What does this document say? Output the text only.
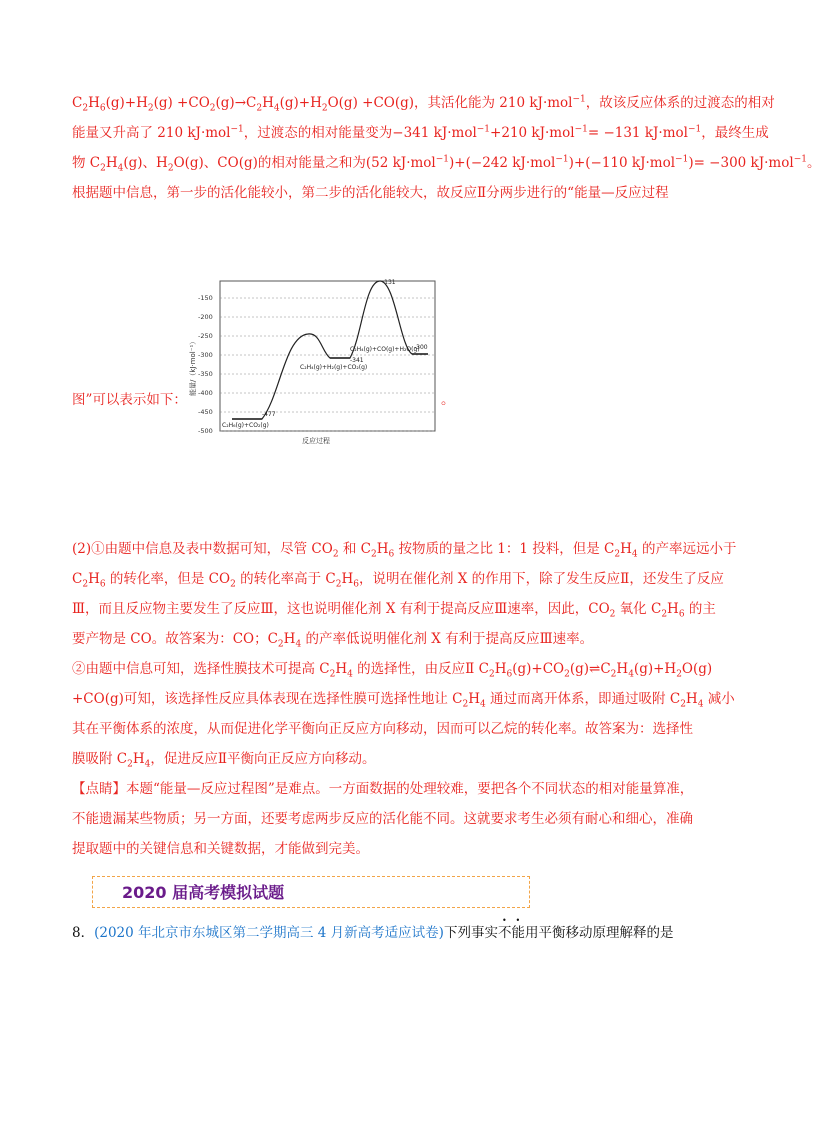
$C_2H_6(g)+H_2(g) +CO_2(g)\to C_2H_4(g)+H_2O(g) +CO(g)$，其活化能为 210 kJ·mol$^{-1}$，故该反应体系的过渡态的相对
能量又升高了 210 kJ·mol$^{-1}$，过渡态的相对能量变为−341 kJ·mol$^{-1}$+210 kJ·mol$^{-1}$= −131 kJ·mol$^{-1}$，最终生成
物 $C_2H_4(g)$、$H_2O(g)$、CO(g)的相对能量之和为(52 kJ·mol$^{-1}$)+(−242 kJ·mol$^{-1}$)+(−110 kJ·mol$^{-1}$)= −300 kJ·mol$^{-1}$。
根据题中信息，第一步的活化能较小，第二步的活化能较大，故反应Ⅱ分两步进行的“能量—反应过程
图”可以表示如下：
-150
-200
-250
-300
-350
-400
-450
-500
能量/（kJ·mol⁻¹）
反应过程
C₂H₆(g)+CO₂(g)
-477
C₂H₄(g)+H₂(g)+CO₂(g)
-341
-131
C₂H₄(g)+CO(g)+H₂O(g)
-300
。
(2)①由题中信息及表中数据可知，尽管 $CO_2$ 和 $C_2H_6$ 按物质的量之比 1：1 投料，但是 $C_2H_4$ 的产率远远小于
$C_2H_6$ 的转化率，但是 $CO_2$ 的转化率高于 $C_2H_6$，说明在催化剂 X 的作用下，除了发生反应Ⅱ，还发生了反应
Ⅲ，而且反应物主要发生了反应Ⅲ，这也说明催化剂 X 有利于提高反应Ⅲ速率，因此，$CO_2$ 氧化 $C_2H_6$ 的主
要产物是 CO。故答案为：CO；$C_2H_4$ 的产率低说明催化剂 X 有利于提高反应Ⅲ速率。
②由题中信息可知，选择性膜技术可提高 $C_2H_4$ 的选择性，由反应Ⅱ $C_2H_6(g)+CO_2(g)\rightleftharpoons C_2H_4(g)+H_2O(g)$
+CO(g)可知，该选择性反应具体表现在选择性膜可选择性地让 $C_2H_4$ 通过而离开体系，即通过吸附 $C_2H_4$ 减小
其在平衡体系的浓度，从而促进化学平衡向正反应方向移动，因而可以乙烷的转化率。故答案为：选择性
膜吸附 $C_2H_4$，促进反应Ⅱ平衡向正反应方向移动。
【点睛】本题“能量—反应过程图”是难点。一方面数据的处理较难，要把各个不同状态的相对能量算准，
不能遗漏某些物质；另一方面，还要考虑两步反应的活化能不同。这就要求考生必须有耐心和细心，准确
提取题中的关键信息和关键数据，才能做到完美。
2020 届高考模拟试题
8．(2020 年北京市东城区第二学期高三 4 月新高考适应试卷)下列事实不能用平衡移动原理解释的是
